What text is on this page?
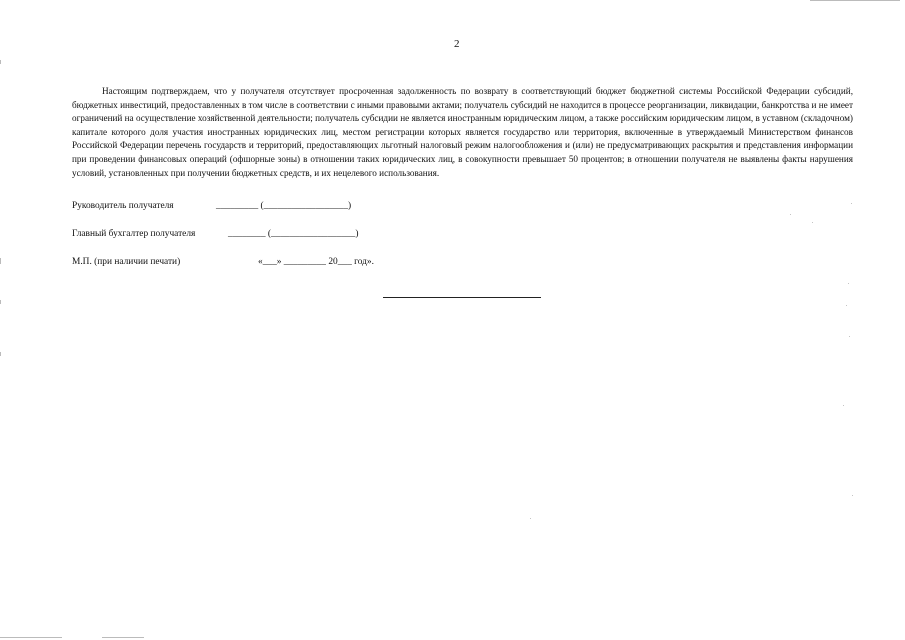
2

Настоящим подтверждаем, что у получателя отсутствует просроченная задолженность по возврату в соответствующий бюджет бюджетной системы Российской Федерации субсидий, бюджетных инвестиций, предоставленных в том числе в соответствии с иными правовыми актами; получатель субсидий не находится в процессе реорганизации, ликвидации, банкротства и не имеет ограничений на осуществление хозяйственной деятельности; получатель субсидии не является иностранным юридическим лицом, а также российским юридическим лицом, в уставном (складочном) капитале которого доля участия иностранных юридических лиц, местом регистрации которых является государство или территория, включенные в утверждаемый Министерством финансов Российской Федерации перечень государств и территорий, предоставляющих льготный налоговый режим налогообложения и (или) не предусматривающих раскрытия и представления информации при проведении финансовых операций (офшорные зоны) в отношении таких юридических лиц, в совокупности превышает 50 процентов; в отношении получателя не выявлены факты нарушения условий, установленных при получении бюджетных средств, и их нецелевого использования.

Руководитель получателя	_________ (__________________)
Главный бухгалтер получателя	________ (__________________)
М.П. (при наличии печати)	«___» _________ 20___ год».
